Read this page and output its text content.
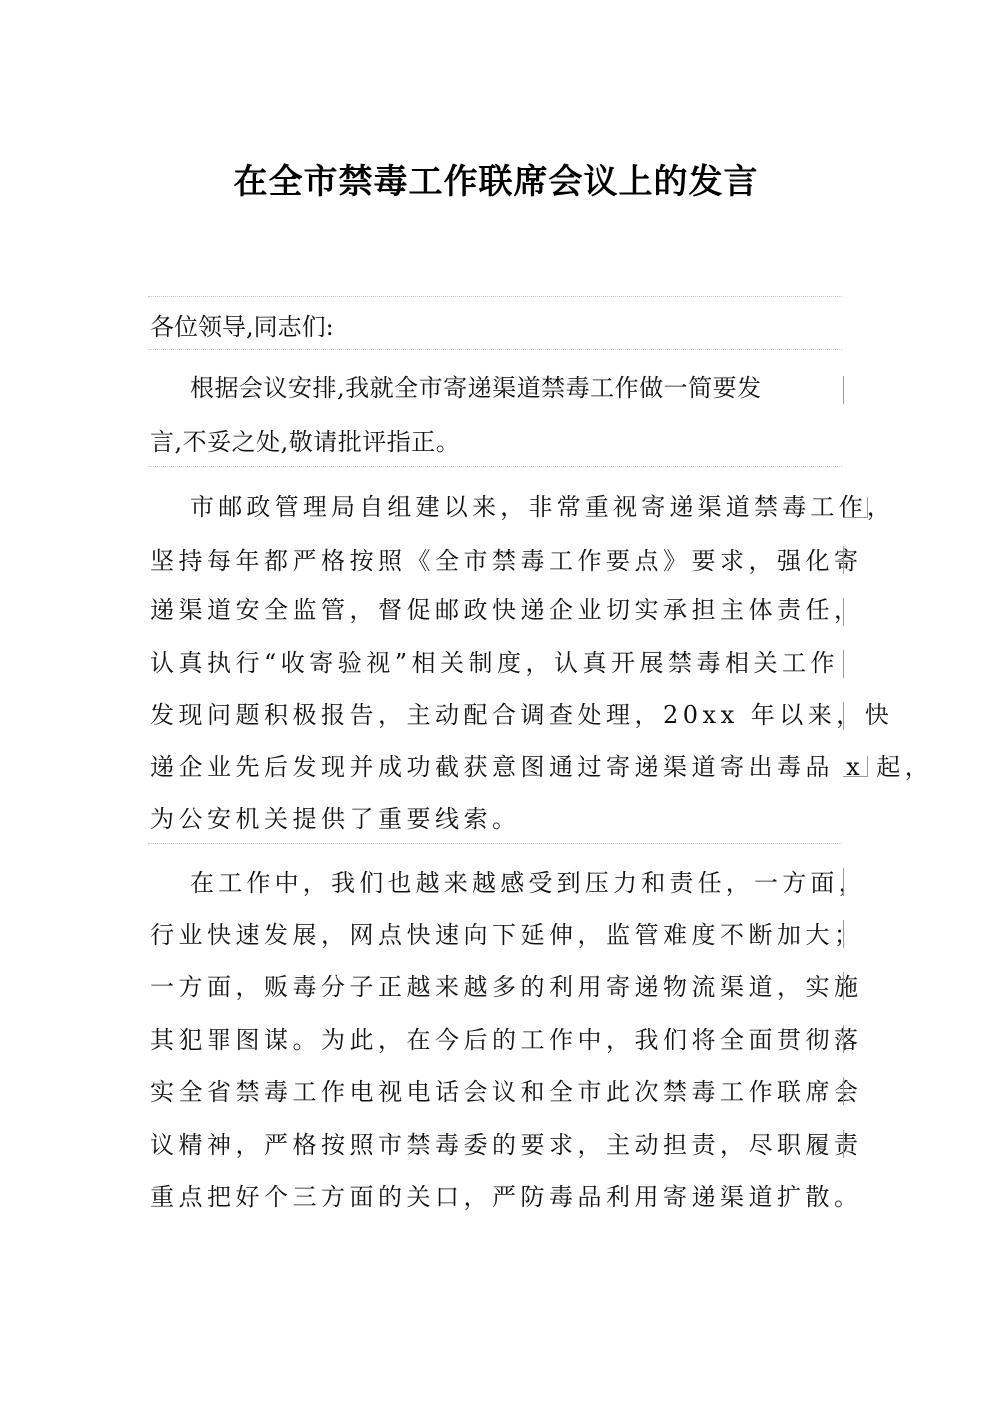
在全市禁毒工作联席会议上的发言
各位领导,同志们:
根据会议安排,我就全市寄递渠道禁毒工作做一简要发
言,不妥之处,敬请批评指正。
市邮政管理局自组建以来，非常重视寄递渠道禁毒工作，
坚持每年都严格按照《全市禁毒工作要点》要求，强化寄
递渠道安全监管，督促邮政快递企业切实承担主体责任，
认真执行“收寄验视”相关制度，认真开展禁毒相关工作
发现问题积极报告，主动配合调查处理，20xx 年以来，快
递企业先后发现并成功截获意图通过寄递渠道寄出毒品 x 起，
为公安机关提供了重要线索。
在工作中，我们也越来越感受到压力和责任，一方面，
行业快速发展，网点快速向下延伸，监管难度不断加大；
一方面，贩毒分子正越来越多的利用寄递物流渠道，实施
其犯罪图谋。为此，在今后的工作中，我们将全面贯彻落
实全省禁毒工作电视电话会议和全市此次禁毒工作联席会
议精神，严格按照市禁毒委的要求，主动担责，尽职履责
重点把好个三方面的关口，严防毒品利用寄递渠道扩散。
